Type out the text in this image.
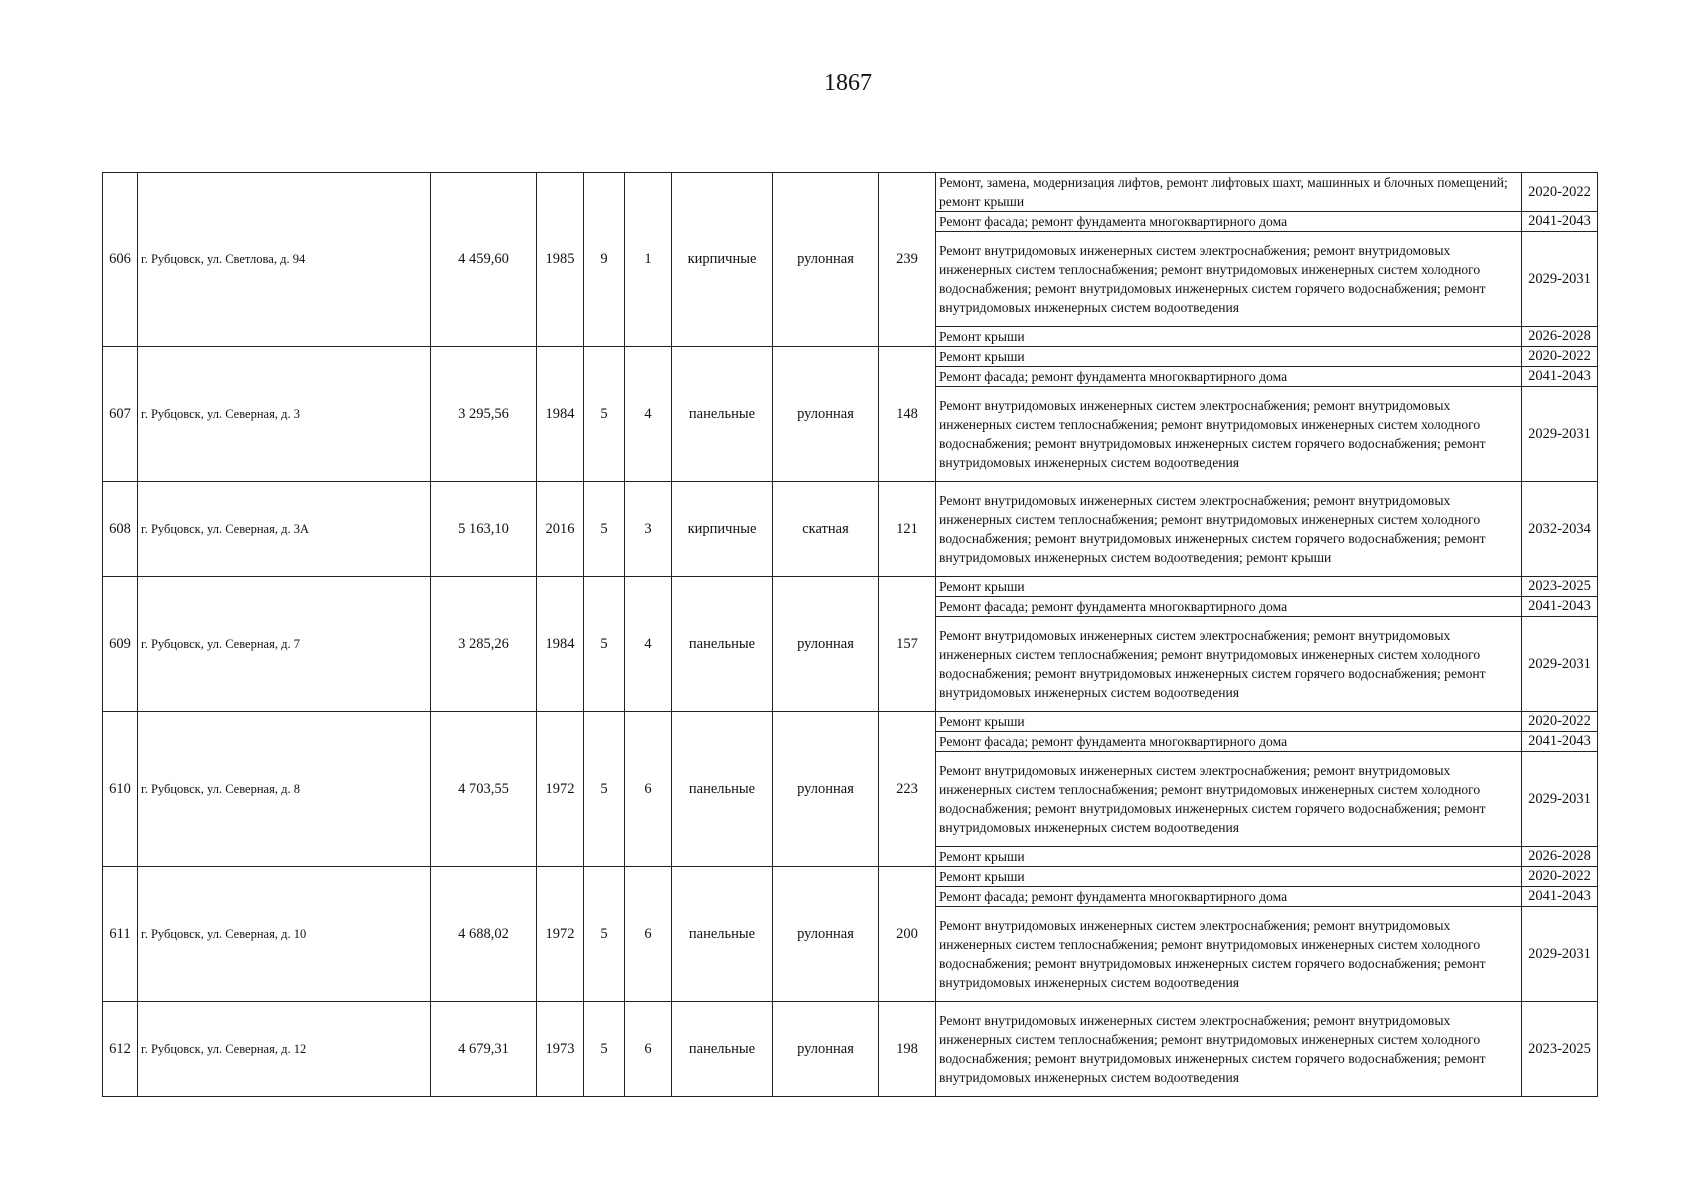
1867
606	г. Рубцовск, ул. Светлова, д. 94	4 459,60	1985	9	1	кирпичные	рулонная	239	Ремонт, замена, модернизация лифтов, ремонт лифтовых шахт, машинных и блочных помещений; ремонт крыши	2020-2022
									Ремонт фасада; ремонт фундамента многоквартирного дома	2041-2043
									Ремонт внутридомовых инженерных систем электроснабжения; ремонт внутридомовых инженерных систем теплоснабжения; ремонт внутридомовых инженерных систем холодного водоснабжения; ремонт внутридомовых инженерных систем горячего водоснабжения; ремонт внутридомовых инженерных систем водоотведения	2029-2031
									Ремонт крыши	2026-2028
607	г. Рубцовск, ул. Северная, д. 3	3 295,56	1984	5	4	панельные	рулонная	148	Ремонт крыши	2020-2022
									Ремонт фасада; ремонт фундамента многоквартирного дома	2041-2043
									Ремонт внутридомовых инженерных систем электроснабжения; ремонт внутридомовых инженерных систем теплоснабжения; ремонт внутридомовых инженерных систем холодного водоснабжения; ремонт внутридомовых инженерных систем горячего водоснабжения; ремонт внутридомовых инженерных систем водоотведения	2029-2031
608	г. Рубцовск, ул. Северная, д. 3А	5 163,10	2016	5	3	кирпичные	скатная	121	Ремонт внутридомовых инженерных систем электроснабжения; ремонт внутридомовых инженерных систем теплоснабжения; ремонт внутридомовых инженерных систем холодного водоснабжения; ремонт внутридомовых инженерных систем горячего водоснабжения; ремонт внутридомовых инженерных систем водоотведения; ремонт крыши	2032-2034
609	г. Рубцовск, ул. Северная, д. 7	3 285,26	1984	5	4	панельные	рулонная	157	Ремонт крыши	2023-2025
									Ремонт фасада; ремонт фундамента многоквартирного дома	2041-2043
									Ремонт внутридомовых инженерных систем электроснабжения; ремонт внутридомовых инженерных систем теплоснабжения; ремонт внутридомовых инженерных систем холодного водоснабжения; ремонт внутридомовых инженерных систем горячего водоснабжения; ремонт внутридомовых инженерных систем водоотведения	2029-2031
610	г. Рубцовск, ул. Северная, д. 8	4 703,55	1972	5	6	панельные	рулонная	223	Ремонт крыши	2020-2022
									Ремонт фасада; ремонт фундамента многоквартирного дома	2041-2043
									Ремонт внутридомовых инженерных систем электроснабжения; ремонт внутридомовых инженерных систем теплоснабжения; ремонт внутридомовых инженерных систем холодного водоснабжения; ремонт внутридомовых инженерных систем горячего водоснабжения; ремонт внутридомовых инженерных систем водоотведения	2029-2031
									Ремонт крыши	2026-2028
611	г. Рубцовск, ул. Северная, д. 10	4 688,02	1972	5	6	панельные	рулонная	200	Ремонт крыши	2020-2022
									Ремонт фасада; ремонт фундамента многоквартирного дома	2041-2043
									Ремонт внутридомовых инженерных систем электроснабжения; ремонт внутридомовых инженерных систем теплоснабжения; ремонт внутридомовых инженерных систем холодного водоснабжения; ремонт внутридомовых инженерных систем горячего водоснабжения; ремонт внутридомовых инженерных систем водоотведения	2029-2031
612	г. Рубцовск, ул. Северная, д. 12	4 679,31	1973	5	6	панельные	рулонная	198	Ремонт внутридомовых инженерных систем электроснабжения; ремонт внутридомовых инженерных систем теплоснабжения; ремонт внутридомовых инженерных систем холодного водоснабжения; ремонт внутридомовых инженерных систем горячего водоснабжения; ремонт внутридомовых инженерных систем водоотведения	2023-2025
